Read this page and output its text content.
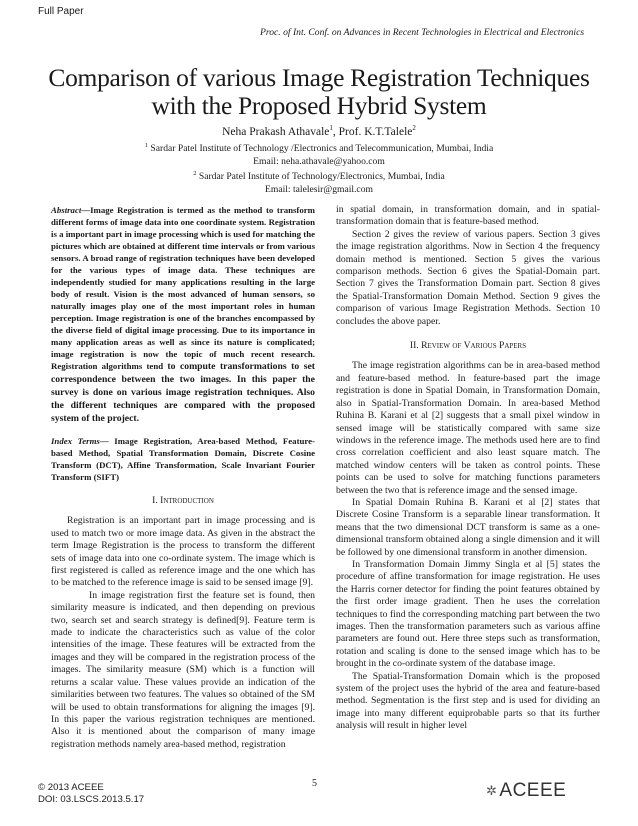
Full Paper
Proc. of Int. Conf. on Advances in Recent Technologies in Electrical and Electronics
Comparison of various Image Registration Techniques
with the Proposed Hybrid System
Neha Prakash Athavale$^1$, Prof. K.T.Talele$^2$
$^1$ Sardar Patel Institute of Technology /Electronics and Telecommunication, Mumbai, India
Email: neha.athavale@yahoo.com
$^2$ Sardar Patel Institute of Technology/Electronics, Mumbai, India
Email: talelesir@gmail.com

Abstract—Image Registration is termed as the method to transform different forms of image data into one coordinate system. Registration is a important part in image processing which is used for matching the pictures which are obtained at different time intervals or from various sensors. A broad range of registration techniques have been developed for the various types of image data. These techniques are independently studied for many applications resulting in the large body of result. Vision is the most advanced of human sensors, so naturally images play one of the most important roles in human perception. Image registration is one of the branches encompassed by the diverse field of digital image processing. Due to its importance in many application areas as well as since its nature is complicated; image registration is now the topic of much recent research. Registration algorithms tend to compute transformations to set correspondence between the two images. In this paper the survey is done on various image registration techniques. Also the different techniques are compared with the proposed system of the project.

Index Terms— Image Registration, Area-based Method, Feature-based Method, Spatial Transformation Domain, Discrete Cosine Transform (DCT), Affine Transformation, Scale Invariant Fourier Transform (SIFT)

I. Introduction

Registration is an important part in image processing and is used to match two or more image data. As given in the abstract the term Image Registration is the process to transform the different sets of image data into one co-ordinate system. The image which is first registered is called as reference image and the one which has to be matched to the reference image is said to be sensed image [9].

In image registration first the feature set is found, then similarity measure is indicated, and then depending on previous two, search set and search strategy is defined[9]. Feature term is made to indicate the characteristics such as value of the color intensities of the image. These features will be extracted from the images and they will be compared in the registration process of the images. The similarity measure (SM) which is a function will returns a scalar value. These values provide an indication of the similarities between two features. The values so obtained of the SM will be used to obtain transformations for aligning the images [9]. In this paper the various registration techniques are mentioned. Also it is mentioned about the comparison of many image registration methods namely area-based method, registration

in spatial domain, in transformation domain, and in spatial-transformation domain that is feature-based method.

Section 2 gives the review of various papers. Section 3 gives the image registration algorithms. Now in Section 4 the frequency domain method is mentioned. Section 5 gives the various comparison methods. Section 6 gives the Spatial-Domain part. Section 7 gives the Transformation Domain part. Section 8 gives the Spatial-Transformation Domain Method. Section 9 gives the comparison of various Image Registration Methods. Section 10 concludes the above paper.

II. Review of Various Papers

The image registration algorithms can be in area-based method and feature-based method. In feature-based part the image registration is done in Spatial Domain, in Transformation Domain, also in Spatial-Transformation Domain. In area-based Method Ruhina B. Karani et al [2] suggests that a small pixel window in sensed image will be statistically compared with same size windows in the reference image. The methods used here are to find cross correlation coefficient and also least square match. The matched window centers will be taken as control points. These points can be used to solve for matching functions parameters between the two that is reference image and the sensed image.

In Spatial Domain Ruhina B. Karani et al [2] states that Discrete Cosine Transform is a separable linear transformation. It means that the two dimensional DCT transform is same as a one-dimensional transform obtained along a single dimension and it will be followed by one dimensional transform in another dimension.

In Transformation Domain Jimmy Singla et al [5] states the procedure of affine transformation for image registration. He uses the Harris corner detector for finding the point features obtained by the first order image gradient. Then he uses the correlation techniques to find the corresponding matching part between the two images. Then the transformation parameters such as various affine parameters are found out. Here three steps such as transformation, rotation and scaling is done to the sensed image which has to be brought in the co-ordinate system of the database image.

The Spatial-Transformation Domain which is the proposed system of the project uses the hybrid of the area and feature-based method. Segmentation is the first step and is used for dividing an image into many different equiprobable parts so that its further analysis will result in higher level

5
© 2013 ACEEE
DOI: 03.LSCS.2013.5.17
✲ ACEEE
